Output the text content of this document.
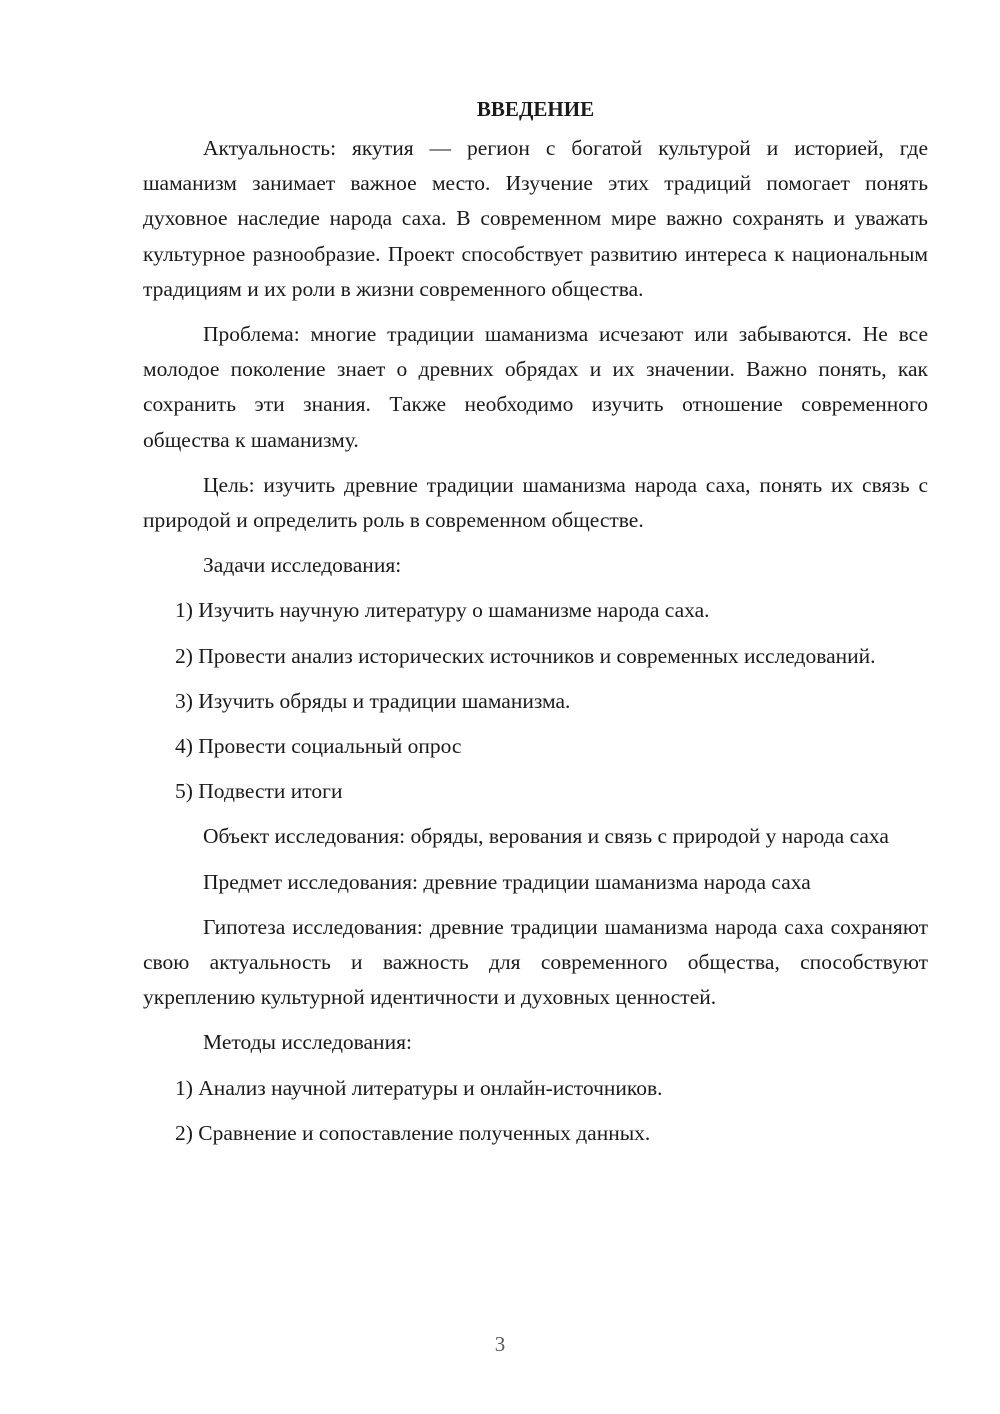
ВВЕДЕНИЕ

Актуальность: якутия — регион с богатой культурой и историей, где шаманизм занимает важное место. Изучение этих традиций помогает понять духовное наследие народа саха. В современном мире важно сохранять и уважать культурное разнообразие. Проект способствует развитию интереса к национальным традициям и их роли в жизни современного общества.

Проблема: многие традиции шаманизма исчезают или забываются. Не все молодое поколение знает о древних обрядах и их значении. Важно понять, как сохранить эти знания. Также необходимо изучить отношение современного общества к шаманизму.

Цель: изучить древние традиции шаманизма народа саха, понять их связь с природой и определить роль в современном обществе.

Задачи исследования:

1) Изучить научную литературу о шаманизме народа саха.

2) Провести анализ исторических источников и современных исследований.

3) Изучить обряды и традиции шаманизма.

4) Провести социальный опрос

5) Подвести итоги

Объект исследования: обряды, верования и связь с природой у народа саха

Предмет исследования: древние традиции шаманизма народа саха

Гипотеза исследования: древние традиции шаманизма народа саха сохраняют свою актуальность и важность для современного общества, способствуют укреплению культурной идентичности и духовных ценностей.

Методы исследования:

1) Анализ научной литературы и онлайн-источников.

2) Сравнение и сопоставление полученных данных.

3
